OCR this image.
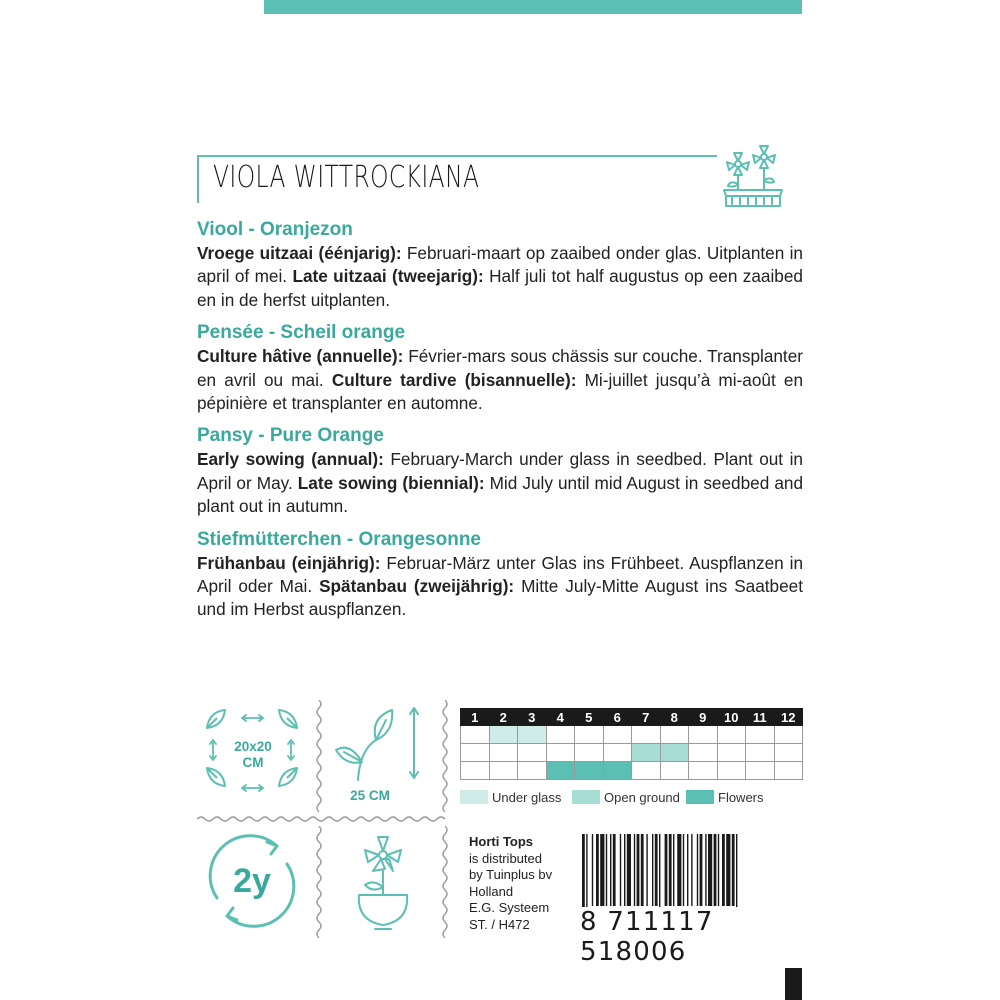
VIOLA WITTROCKIANA
Viool - Oranjezon

Vroege uitzaai (éénjarig): Februari-maart op zaaibed onder glas. Uitplanten in april of mei. Late uitzaai (tweejarig): Half juli tot half augustus op een zaaibed en in de herfst uitplanten.

Pensée - Scheil orange

Culture hâtive (annuelle): Février-mars sous chässis sur couche. Transplanter en avril ou mai. Culture tardive (bisannuelle): Mi-juillet jusqu’à mi-août en pépinière et transplanter en automne.

Pansy - Pure Orange

Early sowing (annual): February-March under glass in seedbed. Plant out in April or May. Late sowing (biennial): Mid July until mid August in seedbed and plant out in autumn.

Stiefmütterchen - Orangesonne

Frühanbau (einjährig): Februar-März unter Glas ins Frühbeet. Auspflanzen in April oder Mai. Spätanbau (zweijährig): Mitte July-Mitte August ins Saatbeet und im Herbst auspflanzen.

20x20
CM
25 CM
1	2	3	4	5	6	7	8	9	10	11	12

Under glass	Open ground	Flowers
2y
Horti Tops
is distributed
by Tuinplus bv
Holland
E.G. Systeem
ST. / H472	8 711117 518006
